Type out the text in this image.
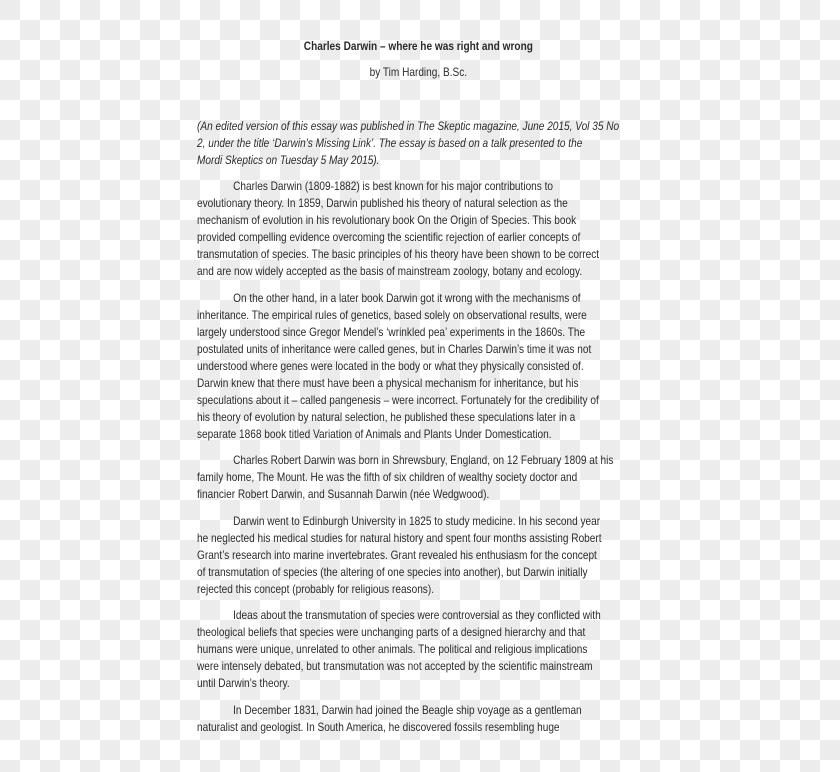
Charles Darwin – where he was right and wrong
by Tim Harding, B.Sc.
(An edited version of this essay was published in The Skeptic magazine, June 2015, Vol 35 No
2, under the title ‘Darwin’s Missing Link’. The essay is based on a talk presented to the
Mordi Skeptics on Tuesday 5 May 2015).
Charles Darwin (1809-1882) is best known for his major contributions to
evolutionary theory. In 1859, Darwin published his theory of natural selection as the
mechanism of evolution in his revolutionary book On the Origin of Species. This book
provided compelling evidence overcoming the scientific rejection of earlier concepts of
transmutation of species. The basic principles of his theory have been shown to be correct
and are now widely accepted as the basis of mainstream zoology, botany and ecology.
On the other hand, in a later book Darwin got it wrong with the mechanisms of
inheritance. The empirical rules of genetics, based solely on observational results, were
largely understood since Gregor Mendel’s ‘wrinkled pea’ experiments in the 1860s. The
postulated units of inheritance were called genes, but in Charles Darwin’s time it was not
understood where genes were located in the body or what they physically consisted of.
Darwin knew that there must have been a physical mechanism for inheritance, but his
speculations about it – called pangenesis – were incorrect. Fortunately for the credibility of
his theory of evolution by natural selection, he published these speculations later in a
separate 1868 book titled Variation of Animals and Plants Under Domestication.
Charles Robert Darwin was born in Shrewsbury, England, on 12 February 1809 at his
family home, The Mount. He was the fifth of six children of wealthy society doctor and
financier Robert Darwin, and Susannah Darwin (née Wedgwood).
Darwin went to Edinburgh University in 1825 to study medicine. In his second year
he neglected his medical studies for natural history and spent four months assisting Robert
Grant’s research into marine invertebrates. Grant revealed his enthusiasm for the concept
of transmutation of species (the altering of one species into another), but Darwin initially
rejected this concept (probably for religious reasons).
Ideas about the transmutation of species were controversial as they conflicted with
theological beliefs that species were unchanging parts of a designed hierarchy and that
humans were unique, unrelated to other animals. The political and religious implications
were intensely debated, but transmutation was not accepted by the scientific mainstream
until Darwin’s theory.
In December 1831, Darwin had joined the Beagle ship voyage as a gentleman
naturalist and geologist. In South America, he discovered fossils resembling huge
